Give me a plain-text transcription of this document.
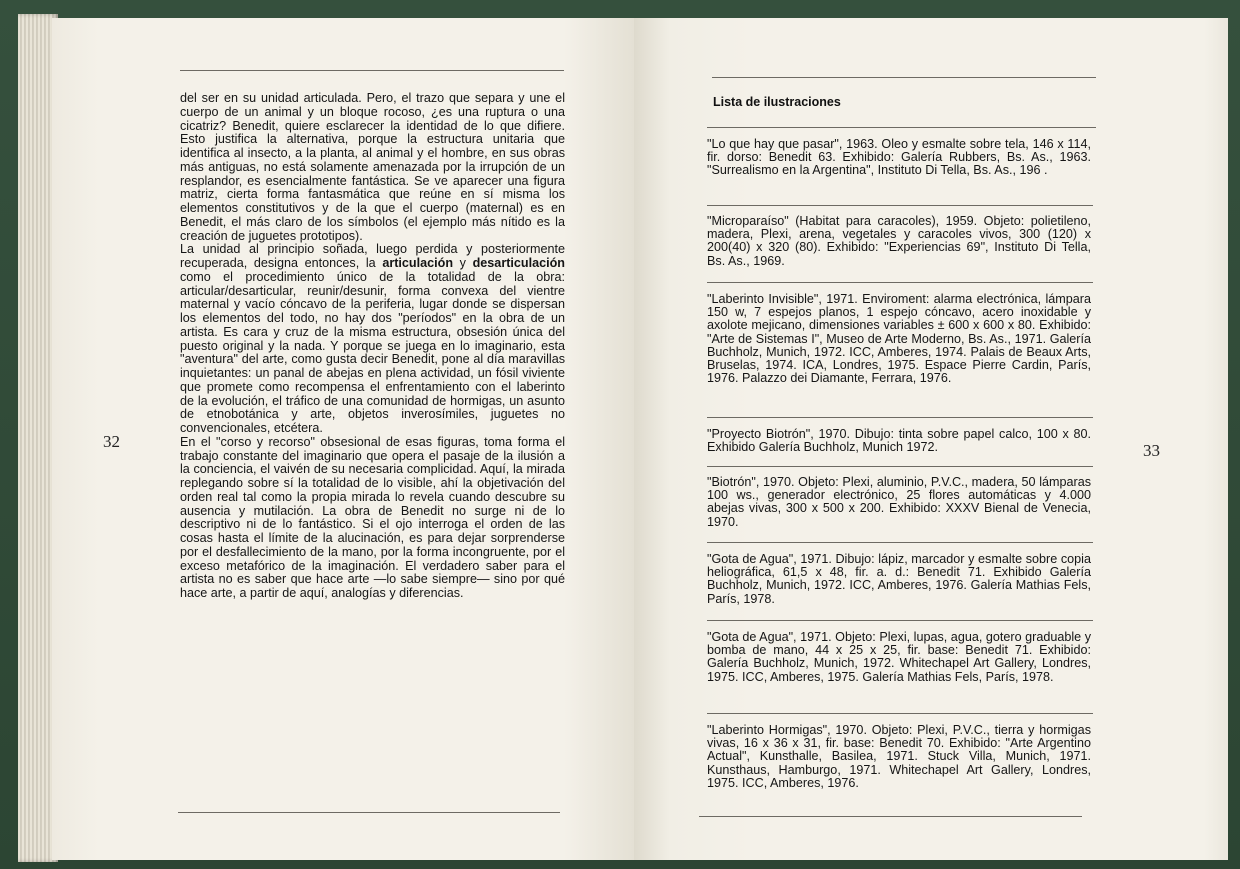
32

del ser en su unidad articulada. Pero, el trazo que separa y une el cuerpo de un animal y un bloque rocoso, ¿es una ruptura o una cicatriz? Benedit, quiere esclarecer la identidad de lo que difiere. Esto justifica la alternativa, porque la estructura unitaria que identifica al insecto, a la planta, al animal y el hombre, en sus obras más antiguas, no está solamente amenazada por la irrupción de un resplandor, es esencialmente fantástica. Se ve aparecer una figura matriz, cierta forma fantasmática que reúne en sí misma los elementos constitutivos y de la que el cuerpo (maternal) es en Benedit, el más claro de los símbolos (el ejemplo más nítido es la creación de juguetes prototipos).

La unidad al principio soñada, luego perdida y posteriormente recuperada, designa entonces, la articulación y desarticulación como el procedimiento único de la totalidad de la obra: articular/desarticular, reunir/desunir, forma convexa del vientre maternal y vacío cóncavo de la periferia, lugar donde se dispersan los elementos del todo, no hay dos "períodos" en la obra de un artista. Es cara y cruz de la misma estructura, obsesión única del puesto original y la nada. Y porque se juega en lo imaginario, esta "aventura" del arte, como gusta decir Benedit, pone al día maravillas inquietantes: un panal de abejas en plena actividad, un fósil viviente que promete como recompensa el enfrentamiento con el laberinto de la evolución, el tráfico de una comunidad de hormigas, un asunto de etnobotánica y arte, objetos inverosímiles, juguetes no convencionales, etcétera.

En el "corso y recorso" obsesional de esas figuras, toma forma el trabajo constante del imaginario que opera el pasaje de la ilusión a la conciencia, el vaivén de su necesaria complicidad. Aquí, la mirada replegando sobre sí la totalidad de lo visible, ahí la objetivación del orden real tal como la propia mirada lo revela cuando descubre su ausencia y mutilación. La obra de Benedit no surge ni de lo descriptivo ni de lo fantástico. Si el ojo interroga el orden de las cosas hasta el límite de la alucinación, es para dejar sorprenderse por el desfallecimiento de la mano, por la forma incongruente, por el exceso metafórico de la imaginación. El verdadero saber para el artista no es saber que hace arte —lo sabe siempre— sino por qué hace arte, a partir de aquí, analogías y diferencias.

Lista de ilustraciones
"Lo que hay que pasar", 1963. Oleo y esmalte sobre tela, 146 x 114, fir. dorso: Benedit 63. Exhibido: Galería Rubbers, Bs. As., 1963. "Surrealismo en la Argentina", Instituto Di Tella, Bs. As., 196 .
"Microparaíso" (Habitat para caracoles), 1959. Objeto: polietileno, madera, Plexi, arena, vegetales y caracoles vivos, 300 (120) x 200(40) x 320 (80). Exhibido: "Experiencias 69", Instituto Di Tella, Bs. As., 1969.
"Laberinto Invisible", 1971. Enviroment: alarma electrónica, lámpara 150 w, 7 espejos planos, 1 espejo cóncavo, acero inoxidable y axolote mejicano, dimensiones variables ± 600 x 600 x 80. Exhibido: "Arte de Sistemas I", Museo de Arte Moderno, Bs. As., 1971. Galería Buchholz, Munich, 1972. ICC, Amberes, 1974. Palais de Beaux Arts, Bruselas, 1974. ICA, Londres, 1975. Espace Pierre Cardin, París, 1976. Palazzo dei Diamante, Ferrara, 1976.
"Proyecto Biotrón", 1970. Dibujo: tinta sobre papel calco, 100 x 80. Exhibido Galería Buchholz, Munich 1972.
"Biotrón", 1970. Objeto: Plexi, aluminio, P.V.C., madera, 50 lámparas 100 ws., generador electrónico, 25 flores automáticas y 4.000 abejas vivas, 300 x 500 x 200. Exhibido: XXXV Bienal de Venecia, 1970.
"Gota de Agua", 1971. Dibujo: lápiz, marcador y esmalte sobre copia heliográfica, 61,5 x 48, fir. a. d.: Benedit 71. Exhibido Galería Buchholz, Munich, 1972. ICC, Amberes, 1976. Galería Mathias Fels, París, 1978.
"Gota de Agua", 1971. Objeto: Plexi, lupas, agua, gotero graduable y bomba de mano, 44 x 25 x 25, fir. base: Benedit 71. Exhibido: Galería Buchholz, Munich, 1972. Whitechapel Art Gallery, Londres, 1975. ICC, Amberes, 1975. Galería Mathias Fels, París, 1978.
"Laberinto Hormigas", 1970. Objeto: Plexi, P.V.C., tierra y hormigas vivas, 16 x 36 x 31, fir. base: Benedit 70. Exhibido: "Arte Argentino Actual", Kunsthalle, Basilea, 1971. Stuck Villa, Munich, 1971. Kunsthaus, Hamburgo, 1971. Whitechapel Art Gallery, Londres, 1975. ICC, Amberes, 1976.
33
